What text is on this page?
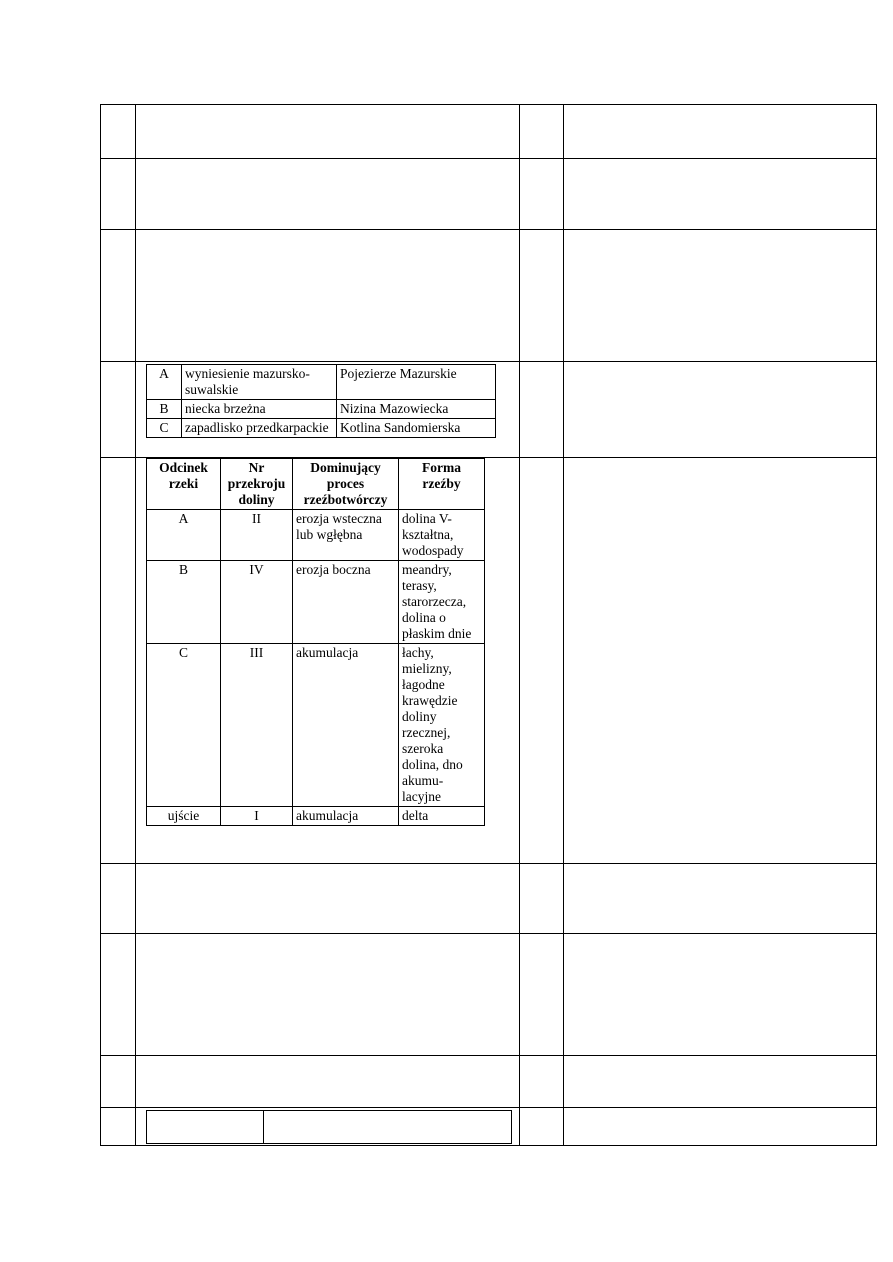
A	wyniesienie mazursko-suwalskie	Pojezierze Mazurskie
B	niecka brzeżna	Nizina Mazowiecka
C	zapadlisko przedkarpackie	Kotlina Sandomierska

Odcinek rzeki	Nr przekroju doliny	Dominujący proces rzeźbotwórczy	Forma rzeźby
A	II	erozja wsteczna lub wgłębna	dolina V-kształtna, wodospady
B	IV	erozja boczna	meandry, terasy, starorzecza, dolina o płaskim dnie
C	III	akumulacja	łachy, mielizny, łagodne krawędzie doliny rzecznej, szeroka dolina, dno akumu-lacyjne
ujście	I	akumulacja	delta
